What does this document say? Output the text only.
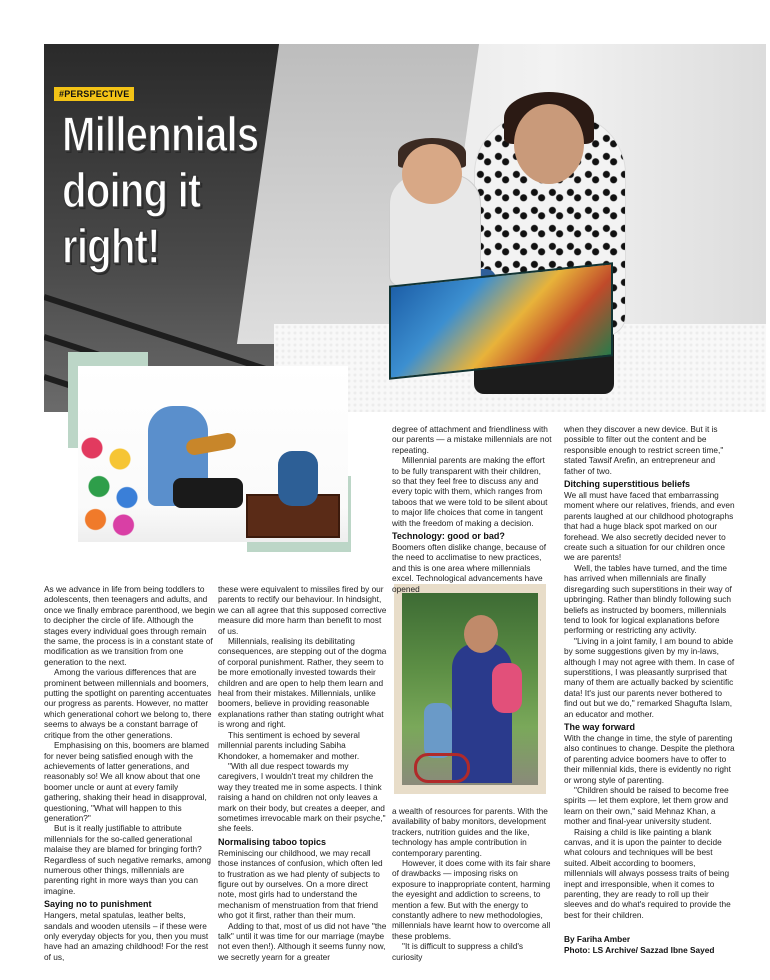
#PERSPECTIVE
Millennials
doing it
right!

As we advance in life from being toddlers to adolescents, then teenagers and adults, and once we finally embrace parenthood, we begin to decipher the circle of life. Although the stages every individual goes through remain the same, the process is in a constant state of modification as we transition from one generation to the next.

Among the various differences that are prominent between millennials and boomers, putting the spotlight on parenting accentuates our progress as parents. However, no matter which generational cohort we belong to, there seems to always be a constant barrage of critique from the other generations.

Emphasising on this, boomers are blamed for never being satisfied enough with the achievements of latter generations, and reasonably so! We all know about that one boomer uncle or aunt at every family gathering, shaking their head in disapproval, questioning, "What will happen to this generation?"

But is it really justifiable to attribute millennials for the so-called generational malaise they are blamed for bringing forth? Regardless of such negative remarks, among numerous other things, millennials are parenting right in more ways than you can imagine.

Saying no to punishment

Hangers, metal spatulas, leather belts, sandals and wooden utensils – if these were only everyday objects for you, then you must have had an amazing childhood! For the rest of us,

these were equivalent to missiles fired by our parents to rectify our behaviour. In hindsight, we can all agree that this supposed corrective measure did more harm than benefit to most of us.

Millennials, realising its debilitating consequences, are stepping out of the dogma of corporal punishment. Rather, they seem to be more emotionally invested towards their children and are open to help them learn and heal from their mistakes. Millennials, unlike boomers, believe in providing reasonable explanations rather than stating outright what is wrong and right.

This sentiment is echoed by several millennial parents including Sabiha Khondoker, a homemaker and mother.

"With all due respect towards my caregivers, I wouldn't treat my children the way they treated me in some aspects. I think raising a hand on children not only leaves a mark on their body, but creates a deeper, and sometimes irrevocable mark on their psyche," she feels.

Normalising taboo topics

Reminiscing our childhood, we may recall those instances of confusion, which often led to frustration as we had plenty of subjects to figure out by ourselves. On a more direct note, most girls had to understand the mechanism of menstruation from that friend who got it first, rather than their mum.

Adding to that, most of us did not have "the talk" until it was time for our marriage (maybe not even then!). Although it seems funny now, we secretly yearn for a greater

degree of attachment and friendliness with our parents — a mistake millennials are not repeating.

Millennial parents are making the effort to be fully transparent with their children, so that they feel free to discuss any and every topic with them, which ranges from taboos that we were told to be silent about to major life choices that come in tangent with the freedom of making a decision.

Technology: good or bad?

Boomers often dislike change, because of the need to acclimatise to new practices, and this is one area where millennials excel. Technological advancements have opened

a wealth of resources for parents. With the availability of baby monitors, development trackers, nutrition guides and the like, technology has ample contribution in contemporary parenting.

However, it does come with its fair share of drawbacks — imposing risks on exposure to inappropriate content, harming the eyesight and addiction to screens, to mention a few. But with the energy to constantly adhere to new methodologies, millennials have learnt how to overcome all these problems.

"It is difficult to suppress a child's curiosity

when they discover a new device. But it is possible to filter out the content and be responsible enough to restrict screen time," stated Tawsif Arefin, an entrepreneur and father of two.

Ditching superstitious beliefs

We all must have faced that embarrassing moment where our relatives, friends, and even parents laughed at our childhood photographs that had a huge black spot marked on our forehead. We also secretly decided never to create such a situation for our children once we are parents!

Well, the tables have turned, and the time has arrived when millennials are finally disregarding such superstitions in their way of upbringing. Rather than blindly following such beliefs as instructed by boomers, millennials tend to look for logical explanations before performing or restricting any activity.

"Living in a joint family, I am bound to abide by some suggestions given by my in-laws, although I may not agree with them. In case of superstitions, I was pleasantly surprised that many of them are actually backed by scientific data! It's just our parents never bothered to find out but we do," remarked Shagufta Islam, an educator and mother.

The way forward

With the change in time, the style of parenting also continues to change. Despite the plethora of parenting advice boomers have to offer to their millennial kids, there is evidently no right or wrong style of parenting.

"Children should be raised to become free spirits — let them explore, let them grow and learn on their own," said Mehnaz Khan, a mother and final-year university student.

Raising a child is like painting a blank canvas, and it is upon the painter to decide what colours and techniques will be best suited. Albeit according to boomers, millennials will always possess traits of being inept and irresponsible, when it comes to parenting, they are ready to roll up their sleeves and do what's required to provide the best for their children.

By Fariha Amber

Photo: LS Archive/ Sazzad Ibne Sayed
